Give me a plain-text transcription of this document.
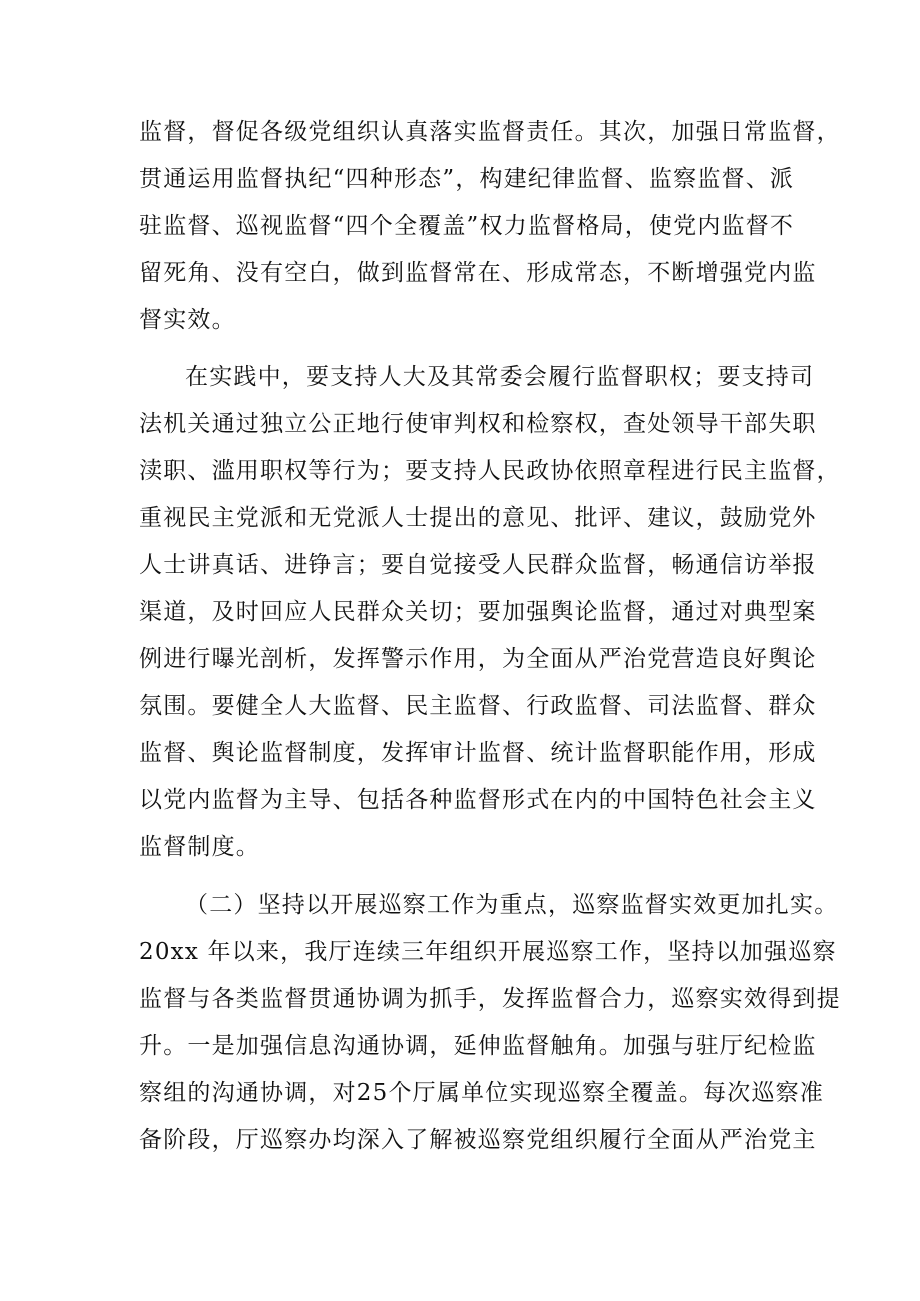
监督，督促各级党组织认真落实监督责任。其次，加强日常监督，
贯通运用监督执纪“四种形态”，构建纪律监督、监察监督、派
驻监督、巡视监督“四个全覆盖”权力监督格局，使党内监督不
留死角、没有空白，做到监督常在、形成常态，不断增强党内监
督实效。
在实践中，要支持人大及其常委会履行监督职权；要支持司
法机关通过独立公正地行使审判权和检察权，查处领导干部失职
渎职、滥用职权等行为；要支持人民政协依照章程进行民主监督，
重视民主党派和无党派人士提出的意见、批评、建议，鼓励党外
人士讲真话、进铮言；要自觉接受人民群众监督，畅通信访举报
渠道，及时回应人民群众关切；要加强舆论监督，通过对典型案
例进行曝光剖析，发挥警示作用，为全面从严治党营造良好舆论
氛围。要健全人大监督、民主监督、行政监督、司法监督、群众
监督、舆论监督制度，发挥审计监督、统计监督职能作用，形成
以党内监督为主导、包括各种监督形式在内的中国特色社会主义
监督制度。
（二）坚持以开展巡察工作为重点，巡察监督实效更加扎实。
20xx 年以来，我厅连续三年组织开展巡察工作，坚持以加强巡察
监督与各类监督贯通协调为抓手，发挥监督合力，巡察实效得到提
升。一是加强信息沟通协调，延伸监督触角。加强与驻厅纪检监
察组的沟通协调，对25个厅属单位实现巡察全覆盖。每次巡察准
备阶段，厅巡察办均深入了解被巡察党组织履行全面从严治党主
